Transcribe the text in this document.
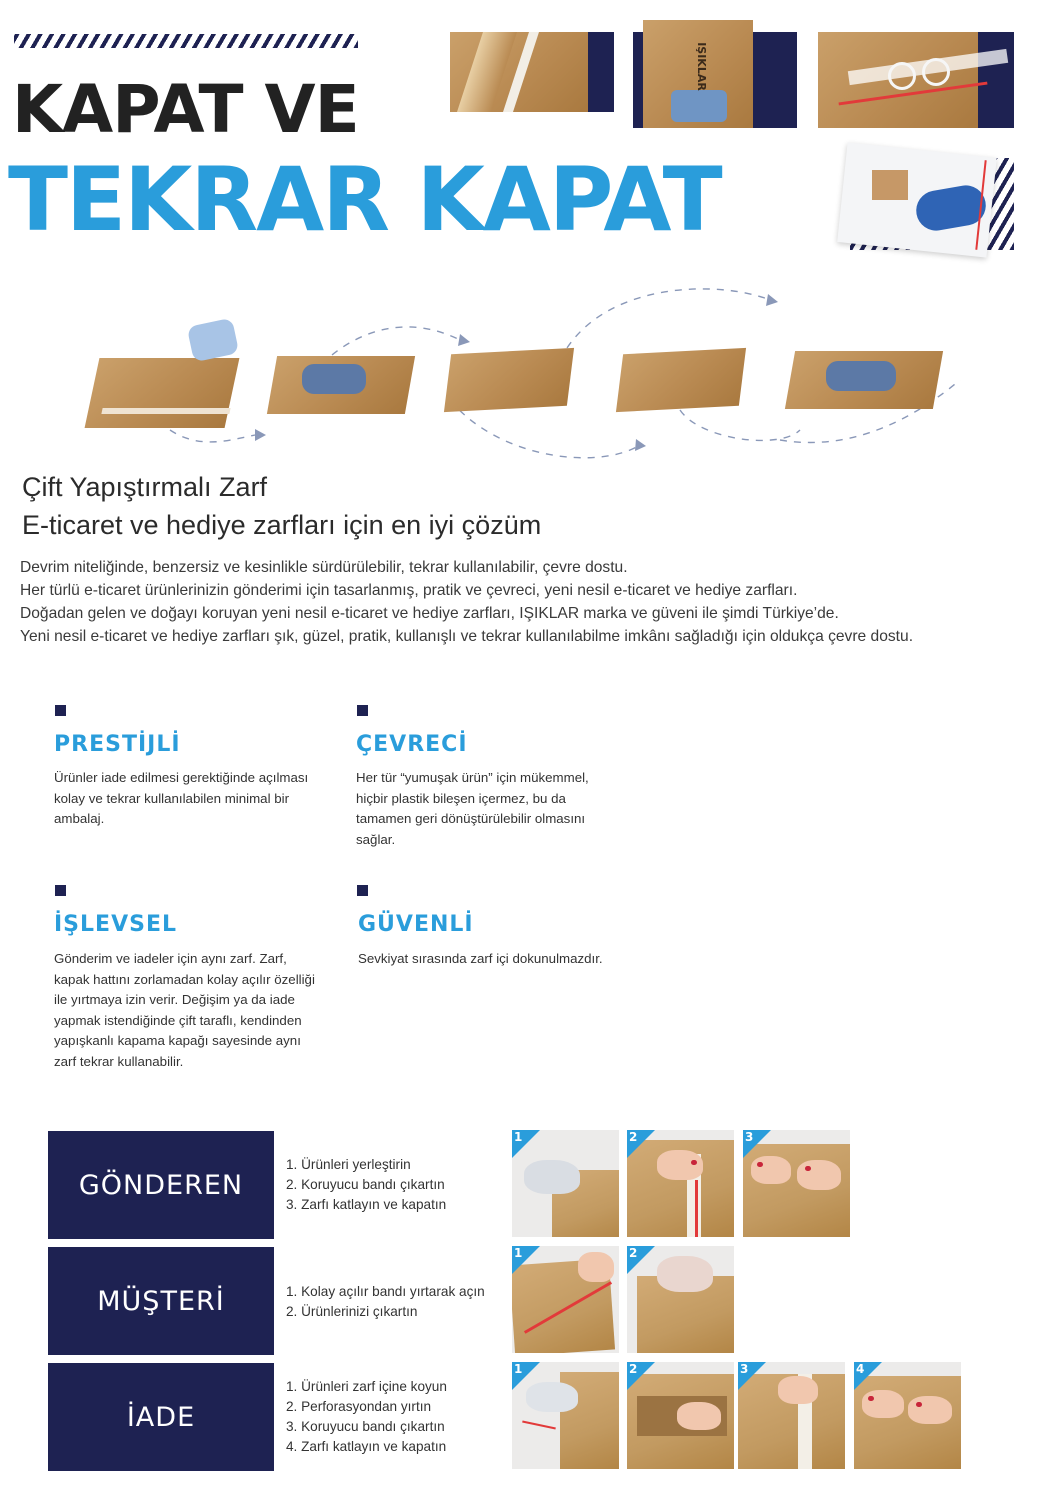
KAPAT VE
TEKRAR KAPAT
IŞIKLAR
Çift Yapıştırmalı Zarf
E-ticaret ve hediye zarfları için en iyi çözüm
Devrim niteliğinde, benzersiz ve kesinlikle sürdürülebilir, tekrar kullanılabilir, çevre dostu.
Her türlü e-ticaret ürünlerinizin gönderimi için tasarlanmış, pratik ve çevreci, yeni nesil e-ticaret ve hediye zarfları.
Doğadan gelen ve doğayı koruyan yeni nesil e-ticaret ve hediye zarfları, IŞIKLAR marka ve güveni ile şimdi Türkiye’de.
Yeni nesil e-ticaret ve hediye zarfları şık, güzel, pratik, kullanışlı ve tekrar kullanılabilme imkânı sağladığı için oldukça çevre dostu.
PRESTİJLİ
Ürünler iade edilmesi gerektiğinde açılması kolay ve tekrar kullanılabilen minimal bir ambalaj.
ÇEVRECİ
Her tür “yumuşak ürün” için mükemmel, hiçbir plastik bileşen içermez, bu da tamamen geri dönüştürülebilir olmasını sağlar.
İŞLEVSEL
Gönderim ve iadeler için aynı zarf. Zarf, kapak hattını zorlamadan kolay açılır özelliği ile yırtmaya izin verir. Değişim ya da iade yapmak istendiğinde çift taraflı, kendinden yapışkanlı kapama kapağı sayesinde aynı zarf tekrar kullanabilir.
GÜVENLİ
Sevkiyat sırasında zarf içi dokunulmazdır.
GÖNDEREN
1. Ürünleri yerleştirin
2. Koruyucu bandı çıkartın
3. Zarfı katlayın ve kapatın
1	2	3
MÜŞTERİ	1. Kolay açılır bandı yırtarak açın
2. Ürünlerinizi çıkartın
1	2
İADE
1. Ürünleri zarf içine koyun
2. Perforasyondan yırtın
3. Koruyucu bandı çıkartın
4. Zarfı katlayın ve kapatın
1	2	3	4
